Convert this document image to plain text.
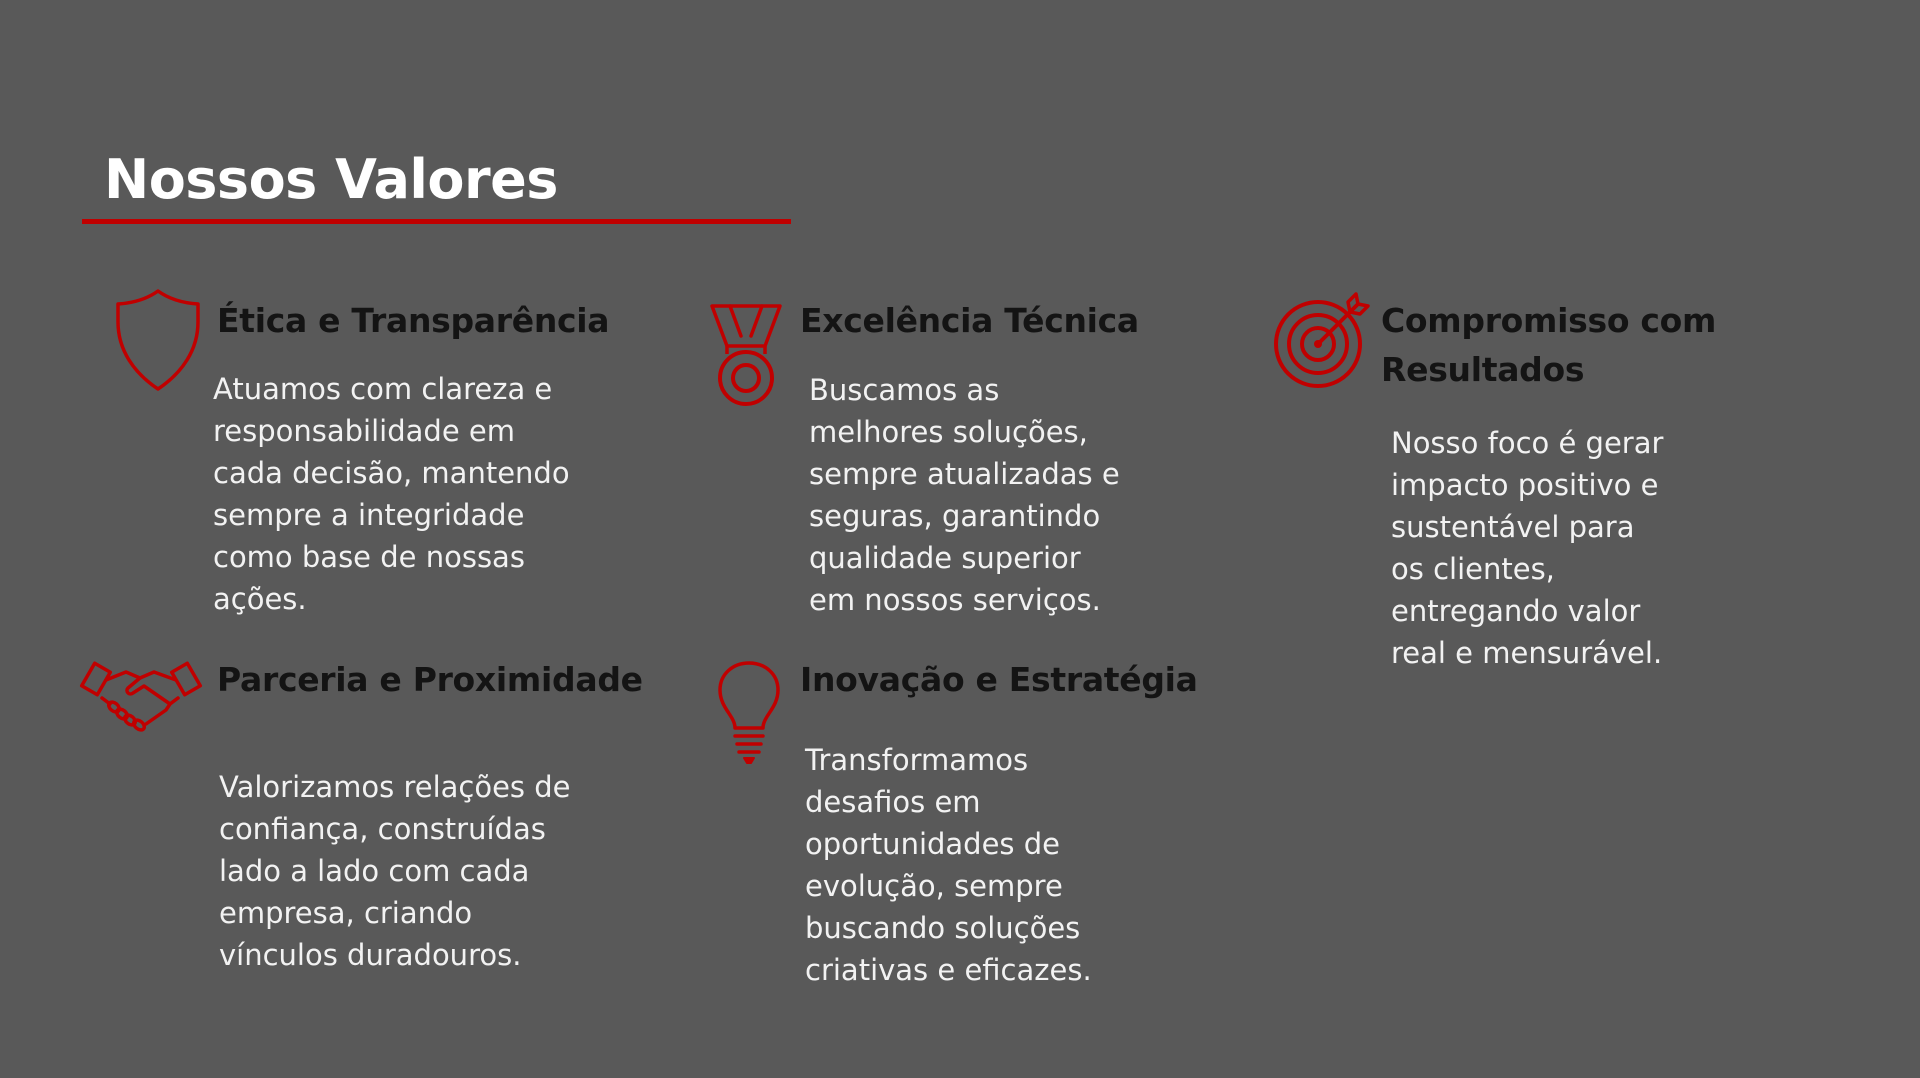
Nossos Valores
Ética e Transparência

Atuamos com clareza e
responsabilidade em
cada decisão, mantendo
sempre a integridade
como base de nossas
ações.

Excelência Técnica

Buscamos as
melhores soluções,
sempre atualizadas e
seguras, garantindo
qualidade superior
em nossos serviços.

Compromisso com
Resultados

Nosso foco é gerar
impacto positivo e
sustentável para
os clientes,
entregando valor
real e mensurável.

Parceria e Proximidade

Valorizamos relações de
confiança, construídas
lado a lado com cada
empresa, criando
vínculos duradouros.

Inovação e Estratégia

Transformamos
desafios em
oportunidades de
evolução, sempre
buscando soluções
criativas e eficazes.
